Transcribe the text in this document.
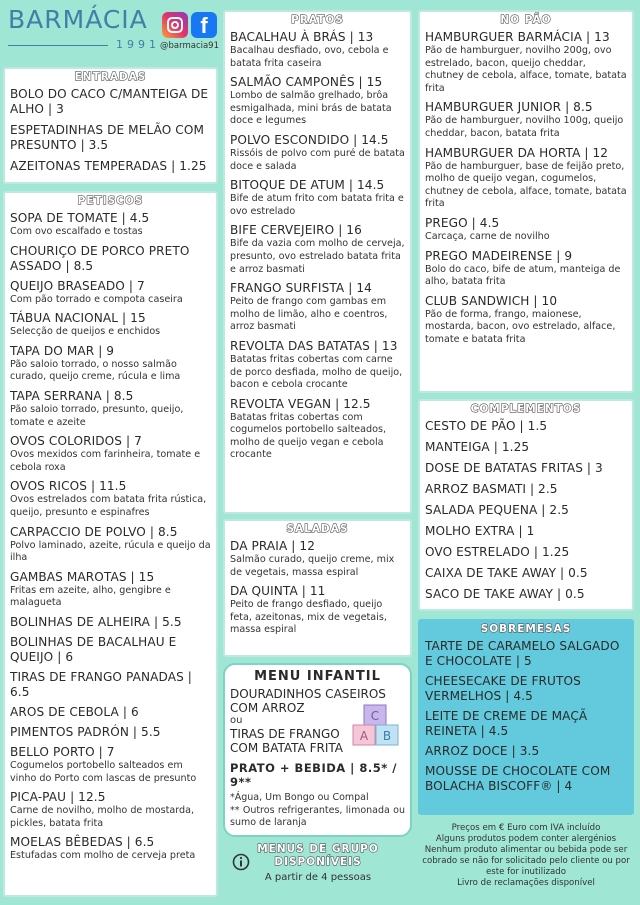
BARMÁCIA
1991
f
@barmacia91
ENTRADAS
BOLO DO CACO C/MANTEIGA DE ALHO | 3
ESPETADINHAS DE MELÃO COM PRESUNTO | 3.5
AZEITONAS TEMPERADAS | 1.25
PETISCOS
SOPA DE TOMATE | 4.5
Com ovo escalfado e tostas
CHOURIÇO DE PORCO PRETO ASSADO | 8.5
QUEIJO BRASEADO | 7
Com pão torrado e compota caseira
TÁBUA NACIONAL | 15
Selecção de queijos e enchidos
TAPA DO MAR | 9
Pão saloio torrado, o nosso salmão curado, queijo creme, rúcula e lima
TAPA SERRANA | 8.5
Pão saloio torrado, presunto, queijo, tomate e azeite
OVOS COLORIDOS | 7
Ovos mexidos com farinheira, tomate e cebola roxa
OVOS RICOS | 11.5
Ovos estrelados com batata frita rústica, queijo, presunto e espinafres
CARPACCIO DE POLVO | 8.5
Polvo laminado, azeite, rúcula e queijo da ilha
GAMBAS MAROTAS | 15
Fritas em azeite, alho, gengibre e malagueta
BOLINHAS DE ALHEIRA | 5.5
BOLINHAS DE BACALHAU E QUEIJO | 6
TIRAS DE FRANGO PANADAS | 6.5
AROS DE CEBOLA | 6
PIMENTOS PADRÓN | 5.5
BELLO PORTO | 7
Cogumelos portobello salteados em vinho do Porto com lascas de presunto
PICA-PAU | 12.5
Carne de novilho, molho de mostarda, pickles, batata frita
MOELAS BÊBEDAS | 6.5
Estufadas com molho de cerveja preta
PRATOS
BACALHAU À BRÁS | 13
Bacalhau desfiado, ovo, cebola e batata frita caseira
SALMÃO CAMPONÊS | 15
Lombo de salmão grelhado, brôa esmigalhada, mini brás de batata doce e legumes
POLVO ESCONDIDO | 14.5
Rissóis de polvo com puré de batata doce e salada
BITOQUE DE ATUM | 14.5
Bife de atum frito com batata frita e ovo estrelado
BIFE CERVEJEIRO | 16
Bife da vazia com molho de cerveja, presunto, ovo estrelado batata frita e arroz basmati
FRANGO SURFISTA | 14
Peito de frango com gambas em molho de limão, alho e coentros, arroz basmati
REVOLTA DAS BATATAS | 13
Batatas fritas cobertas com carne de porco desfiada, molho de queijo, bacon e cebola crocante
REVOLTA VEGAN | 12.5
Batatas fritas cobertas com cogumelos portobello salteados, molho de queijo vegan e cebola crocante
SALADAS
DA PRAIA | 12
Salmão curado, queijo creme, mix de vegetais, massa espiral
DA QUINTA | 11
Peito de frango desfiado, queijo feta, azeitonas, mix de vegetais, massa espiral
MENU INFANTIL
DOURADINHOS CASEIROS COM ARROZ
ou
TIRAS DE FRANGO COM BATATA FRITA
C
A B
PRATO + BEBIDA | 8.5* / 9**
*Água, Um Bongo ou Compal
** Outros refrigerantes, limonada ou sumo de laranja
NO PÃO
HAMBURGUER BARMÁCIA | 13
Pão de hamburguer, novilho 200g, ovo estrelado, bacon, queijo cheddar, chutney de cebola, alface, tomate, batata frita
HAMBURGUER JUNIOR | 8.5
Pão de hamburguer, novilho 100g, queijo cheddar, bacon, batata frita
HAMBURGUER DA HORTA | 12
Pão de hamburguer, base de feijão preto, molho de queijo vegan, cogumelos, chutney de cebola, alface, tomate, batata frita
PREGO | 4.5
Carcaça, carne de novilho
PREGO MADEIRENSE | 9
Bolo do caco, bife de atum, manteiga de alho, batata frita
CLUB SANDWICH | 10
Pão de forma, frango, maionese, mostarda, bacon, ovo estrelado, alface, tomate e batata frita
COMPLEMENTOS
CESTO DE PÃO | 1.5
MANTEIGA | 1.25
DOSE DE BATATAS FRITAS | 3
ARROZ BASMATI | 2.5
SALADA PEQUENA | 2.5
MOLHO EXTRA | 1
OVO ESTRELADO | 1.25
CAIXA DE TAKE AWAY | 0.5
SACO DE TAKE AWAY | 0.5
SOBREMESAS
TARTE DE CARAMELO SALGADO E CHOCOLATE | 5
CHEESECAKE DE FRUTOS VERMELHOS | 4.5
LEITE DE CREME DE MAÇÃ REINETA | 4.5
ARROZ DOCE | 3.5
MOUSSE DE CHOCOLATE COM BOLACHA BISCOFF® | 4
MENUS DE GRUPO
DISPONÍVEIS
A partir de 4 pessoas
Preços em € Euro com IVA incluído
Alguns produtos podem conter alergénios
Nenhum produto alimentar ou bebida pode ser cobrado se não for solicitado pelo cliente ou por este for inutilizado
Livro de reclamações disponível
